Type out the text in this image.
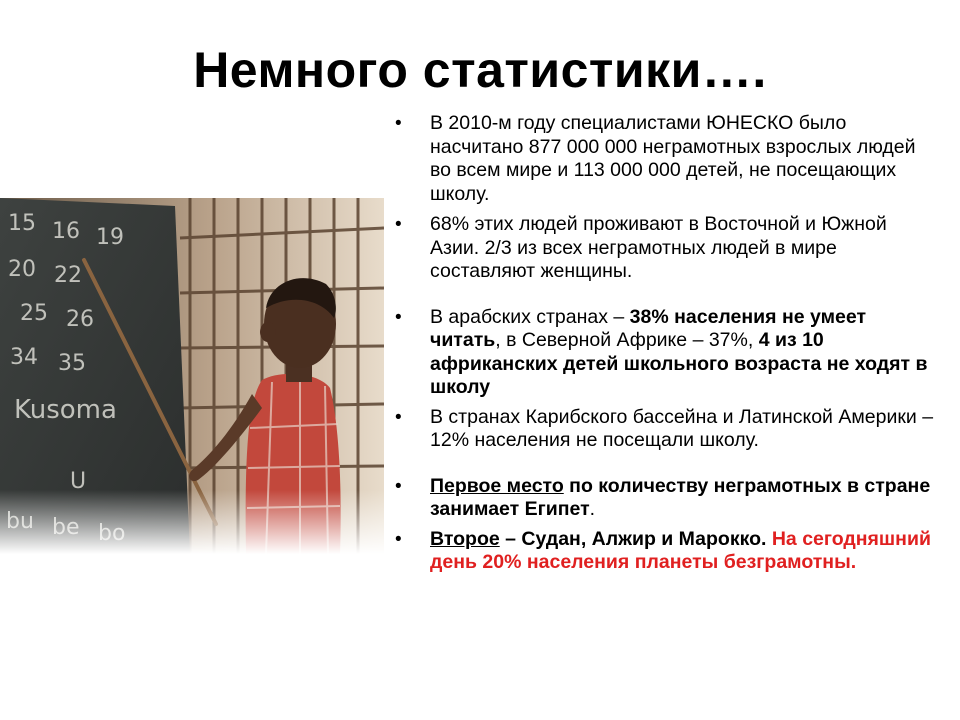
Немного статистики….
• В 2010-м году специалистами ЮНЕСКО было насчитано 877 000 000 неграмотных взрослых людей во всем мире и 113 000 000 детей, не посещающих школу.
• 68% этих людей проживают в Восточной и Южной Азии. 2/3 из всех неграмотных людей в мире составляют женщины.
• В арабских странах – 38% населения не умеет читать, в Северной Африке – 37%, 4 из 10 африканских детей школьного возраста не ходят в школу
• В странах Карибского бассейна и Латинской Америки – 12% населения не посещали школу.
• Первое место по количеству неграмотных в стране занимает Египет.
• Второе – Судан, Алжир и Марокко. На сегодняшний день 20% населения планеты безграмотны.
